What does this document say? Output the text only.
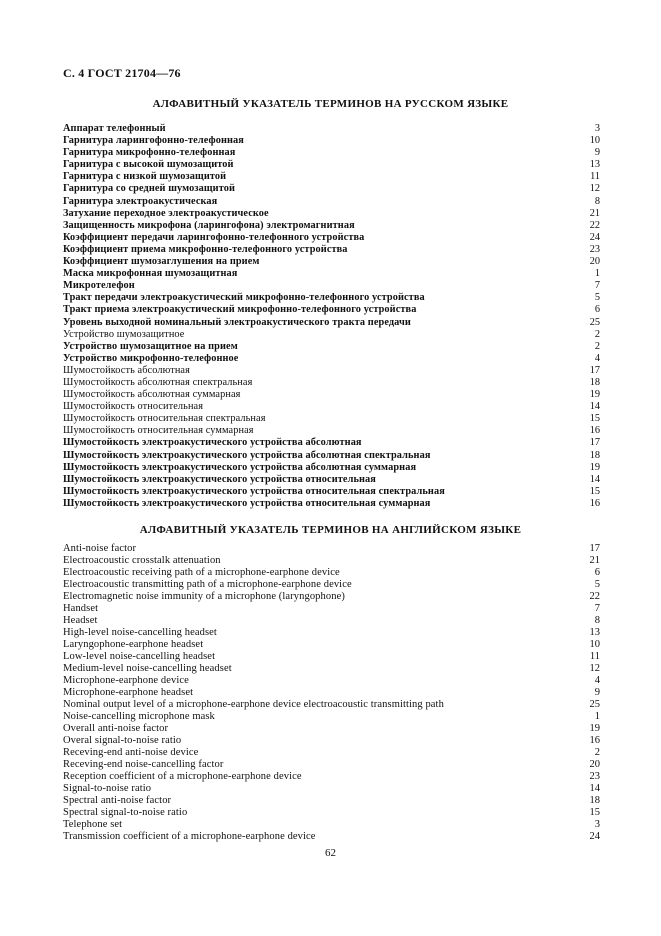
С. 4 ГОСТ 21704—76
АЛФАВИТНЫЙ УКАЗАТЕЛЬ ТЕРМИНОВ НА РУССКОМ ЯЗЫКЕ
Аппарат телефонный	3
Гарнитура ларингофонно-телефонная	10
Гарнитура микрофонно-телефонная	9
Гарнитура с высокой шумозащитой	13
Гарнитура с низкой шумозащитой	11
Гарнитура со средней шумозащитой	12
Гарнитура электроакустическая	8
Затухание переходное электроакустическое	21
Защищенность микрофона (ларингофона) электромагнитная	22
Коэффициент передачи ларингофонно-телефонного устройства	24
Коэффициент приема микрофонно-телефонного устройства	23
Коэффициент шумозаглушения на прием	20
Маска микрофонная шумозащитная	1
Микротелефон	7
Тракт передачи электроакустический микрофонно-телефонного устройства	5
Тракт приема электроакустический микрофонно-телефонного устройства	6
Уровень выходной номинальный электроакустического тракта передачи	25
Устройство шумозащитное	2
Устройство шумозащитное на прием	2
Устройство микрофонно-телефонное	4
Шумостойкость абсолютная	17
Шумостойкость абсолютная спектральная	18
Шумостойкость абсолютная суммарная	19
Шумостойкость относительная	14
Шумостойкость относительная спектральная	15
Шумостойкость относительная суммарная	16
Шумостойкость электроакустического устройства абсолютная	17
Шумостойкость электроакустического устройства абсолютная спектральная	18
Шумостойкость электроакустического устройства абсолютная суммарная	19
Шумостойкость электроакустического устройства относительная	14
Шумостойкость электроакустического устройства относительная спектральная	15
Шумостойкость электроакустического устройства относительная суммарная	16
АЛФАВИТНЫЙ УКАЗАТЕЛЬ ТЕРМИНОВ НА АНГЛИЙСКОМ ЯЗЫКЕ
Anti-noise factor	17
Electroacoustic crosstalk attenuation	21
Electroacoustic receiving path of a microphone-earphone device	6
Electroacoustic transmitting path of a microphone-earphone device	5
Electromagnetic noise immunity of a microphone (laryngophone)	22
Handset	7
Headset	8
High-level noise-cancelling headset	13
Laryngophone-earphone headset	10
Low-level noise-cancelling headset	11
Medium-level noise-cancelling headset	12
Microphone-earphone device	4
Microphone-earphone headset	9
Nominal output level of a microphone-earphone device electroacoustic transmitting path	25
Noise-cancelling microphone mask	1
Overall anti-noise factor	19
Overal signal-to-noise ratio	16
Receving-end anti-noise device	2
Receving-end noise-cancelling factor	20
Reception coefficient of a microphone-earphone device	23
Signal-to-noise ratio	14
Spectral anti-noise factor	18
Spectral signal-to-noise ratio	15
Telephone set	3
Transmission coefficient of a microphone-earphone device	24
62
